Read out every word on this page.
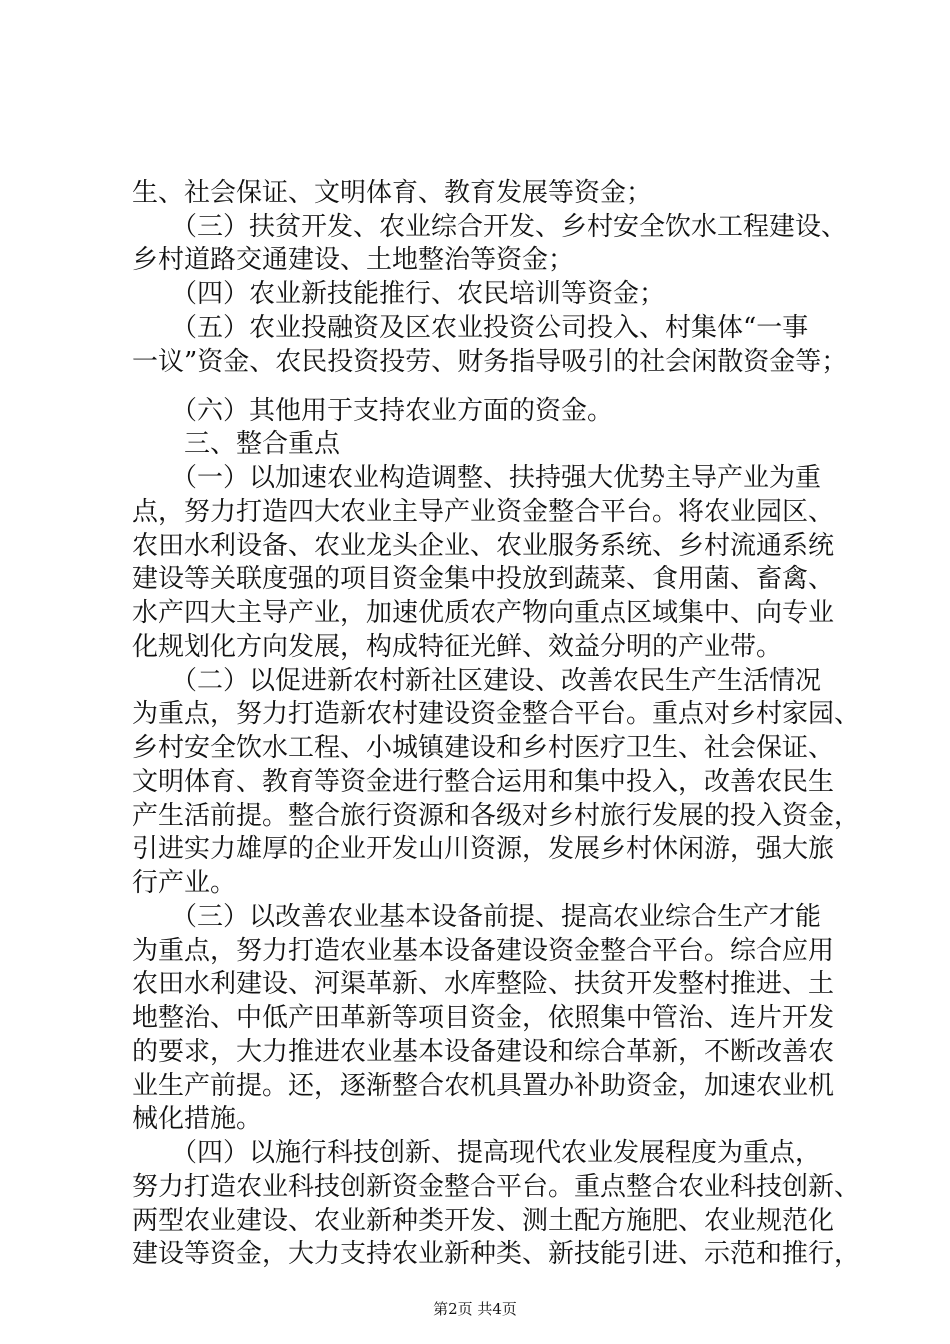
生、社会保证、文明体育、教育发展等资金；

　　（三）扶贫开发、农业综合开发、乡村安全饮水工程建设、

乡村道路交通建设、土地整治等资金；

　　（四）农业新技能推行、农民培训等资金；

　　（五）农业投融资及区农业投资公司投入、村集体“一事

一议”资金、农民投资投劳、财务指导吸引的社会闲散资金等；

　　（六）其他用于支持农业方面的资金。

　　三、整合重点

　　（一）以加速农业构造调整、扶持强大优势主导产业为重

点，努力打造四大农业主导产业资金整合平台。将农业园区、

农田水利设备、农业龙头企业、农业服务系统、乡村流通系统

建设等关联度强的项目资金集中投放到蔬菜、食用菌、畜禽、

水产四大主导产业，加速优质农产物向重点区域集中、向专业

化规划化方向发展，构成特征光鲜、效益分明的产业带。

　　（二）以促进新农村新社区建设、改善农民生产生活情况

为重点，努力打造新农村建设资金整合平台。重点对乡村家园、

乡村安全饮水工程、小城镇建设和乡村医疗卫生、社会保证、

文明体育、教育等资金进行整合运用和集中投入，改善农民生

产生活前提。整合旅行资源和各级对乡村旅行发展的投入资金，

引进实力雄厚的企业开发山川资源，发展乡村休闲游，强大旅

行产业。

　　（三）以改善农业基本设备前提、提高农业综合生产才能

为重点，努力打造农业基本设备建设资金整合平台。综合应用

农田水利建设、河渠革新、水库整险、扶贫开发整村推进、土

地整治、中低产田革新等项目资金，依照集中管治、连片开发

的要求，大力推进农业基本设备建设和综合革新，不断改善农

业生产前提。还，逐渐整合农机具置办补助资金，加速农业机

械化措施。

　　（四）以施行科技创新、提高现代农业发展程度为重点，

努力打造农业科技创新资金整合平台。重点整合农业科技创新、

两型农业建设、农业新种类开发、测土配方施肥、农业规范化

建设等资金，大力支持农业新种类、新技能引进、示范和推行，

第2页 共4页
